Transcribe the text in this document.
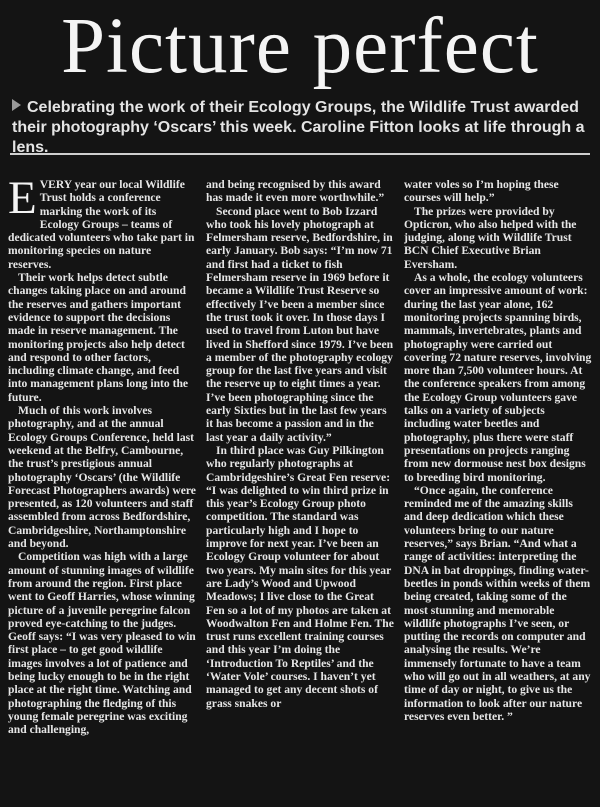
Picture perfect
Celebrating the work of their Ecology Groups, the Wildlife Trust awarded their photography ‘Oscars’ this week. Caroline Fitton looks at life through a lens.

EVERY year our local Wildlife Trust holds a conference marking the work of its Ecology Groups – teams of dedicated volunteers who take part in monitoring species on nature reserves.

Their work helps detect subtle changes taking place on and around the reserves and gathers important evidence to support the decisions made in reserve management. The monitoring projects also help detect and respond to other factors, including climate change, and feed into management plans long into the future.

Much of this work involves photography, and at the annual Ecology Groups Conference, held last weekend at the Belfry, Cambourne, the trust’s prestigious annual photography ‘Oscars’ (the Wildlife Forecast Photographers awards) were presented, as 120 volunteers and staff assembled from across Bedfordshire, Cambridgeshire, Northamptonshire and beyond.

Competition was high with a large amount of stunning images of wildlife from around the region. First place went to Geoff Harries, whose winning picture of a juvenile peregrine falcon proved eye-catching to the judges. Geoff says: “I was very pleased to win first place – to get good wildlife images involves a lot of patience and being lucky enough to be in the right place at the right time. Watching and photographing the fledging of this young female peregrine was exciting and challenging,

and being recognised by this award has made it even more worthwhile.”

Second place went to Bob Izzard who took his lovely photograph at Felmersham reserve, Bedfordshire, in early January. Bob says: “I’m now 71 and first had a ticket to fish Felmersham reserve in 1969 before it became a Wildlife Trust Reserve so effectively I’ve been a member since the trust took it over. In those days I used to travel from Luton but have lived in Shefford since 1979. I’ve been a member of the photography ecology group for the last five years and visit the reserve up to eight times a year. I’ve been photographing since the early Sixties but in the last few years it has become a passion and in the last year a daily activity.”

In third place was Guy Pilkington who regularly photographs at Cambridgeshire’s Great Fen reserve: “I was delighted to win third prize in this year’s Ecology Group photo competition. The standard was particularly high and I hope to improve for next year. I’ve been an Ecology Group volunteer for about two years. My main sites for this year are Lady’s Wood and Upwood Meadows; I live close to the Great Fen so a lot of my photos are taken at Woodwalton Fen and Holme Fen. The trust runs excellent training courses and this year I’m doing the ‘Introduction To Reptiles’ and the ‘Water Vole’ courses. I haven’t yet managed to get any decent shots of grass snakes or

water voles so I’m hoping these courses will help.”

The prizes were provided by Opticron, who also helped with the judging, along with Wildlife Trust BCN Chief Executive Brian Eversham.

As a whole, the ecology volunteers cover an impressive amount of work: during the last year alone, 162 monitoring projects spanning birds, mammals, invertebrates, plants and photography were carried out covering 72 nature reserves, involving more than 7,500 volunteer hours. At the conference speakers from among the Ecology Group volunteers gave talks on a variety of subjects including water beetles and photography, plus there were staff presentations on projects ranging from new dormouse nest box designs to breeding bird monitoring.

“Once again, the conference reminded me of the amazing skills and deep dedication which these volunteers bring to our nature reserves,” says Brian. “And what a range of activities: interpreting the DNA in bat droppings, finding water-beetles in ponds within weeks of them being created, taking some of the most stunning and memorable wildlife photographs I’ve seen, or putting the records on computer and analysing the results. We’re immensely fortunate to have a team who will go out in all weathers, at any time of day or night, to give us the information to look after our nature reserves even better. ”
